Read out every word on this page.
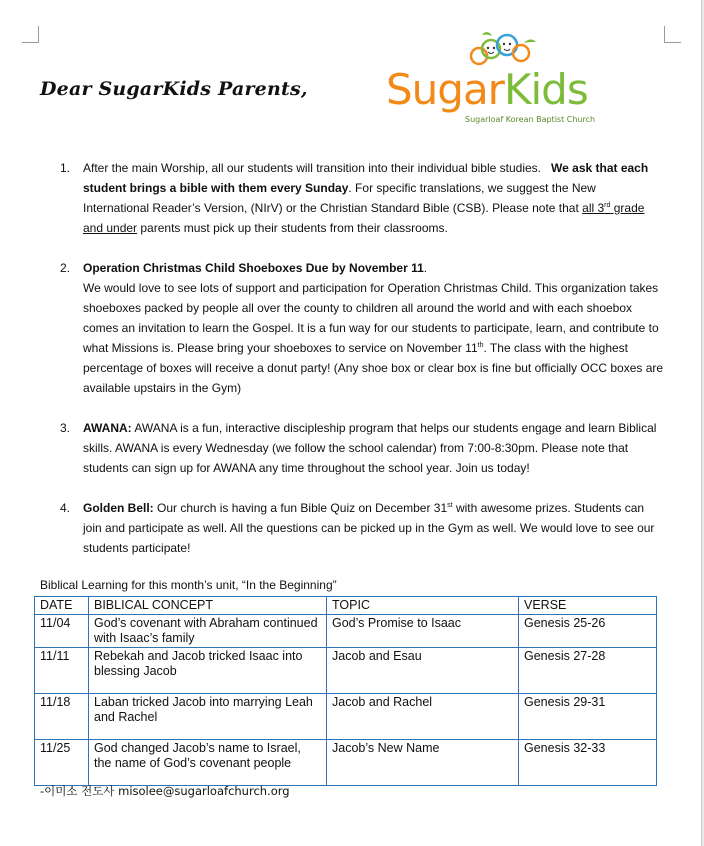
Dear SugarKids Parents, SugarKids
Sugarloaf Korean Baptist Church
1. After the main Worship, all our students will transition into their individual bible studies. We ask that each student brings a bible with them every Sunday. For specific translations, we suggest the New International Reader’s Version, (NIrV) or the Christian Standard Bible (CSB). Please note that all 3rd grade and under parents must pick up their students from their classrooms.
2. Operation Christmas Child Shoeboxes Due by November 11.
We would love to see lots of support and participation for Operation Christmas Child. This organization takes shoeboxes packed by people all over the county to children all around the world and with each shoebox comes an invitation to learn the Gospel. It is a fun way for our students to participate, learn, and contribute to what Missions is. Please bring your shoeboxes to service on November 11th. The class with the highest percentage of boxes will receive a donut party! (Any shoe box or clear box is fine but officially OCC boxes are available upstairs in the Gym)
3. AWANA: AWANA is a fun, interactive discipleship program that helps our students engage and learn Biblical skills. AWANA is every Wednesday (we follow the school calendar) from 7:00-8:30pm. Please note that students can sign up for AWANA any time throughout the school year. Join us today!
4. Golden Bell: Our church is having a fun Bible Quiz on December 31st with awesome prizes. Students can join and participate as well. All the questions can be picked up in the Gym as well. We would love to see our students participate!
Biblical Learning for this month’s unit, “In the Beginning”
DATE	BIBLICAL CONCEPT	TOPIC	VERSE
11/04	God’s covenant with Abraham continued with Isaac’s family	God’s Promise to Isaac	Genesis 25-26
11/11	Rebekah and Jacob tricked Isaac into blessing Jacob	Jacob and Esau	Genesis 27-28
11/18	Laban tricked Jacob into marrying Leah and Rachel	Jacob and Rachel	Genesis 29-31
11/25	God changed Jacob’s name to Israel, the name of God’s covenant people	Jacob’s New Name	Genesis 32-33
-이미소 전도사 misolee@sugarloafchurch.org
